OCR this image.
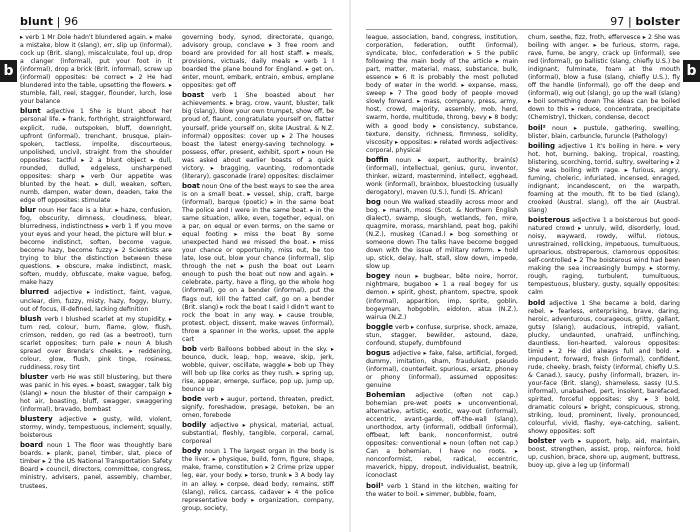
blunt | 96	97 | bolster
b	b

▸ verb 1 Mr Dole hadn't blundered again. ▸ make a mistake, blow it (slang), err, slip up (informal), cock up (Brit. slang), miscalculate, foul up, drop a clanger (informal), put your foot in it (informal), drop a brick (Brit. informal), screw up (informal) opposites: be correct ▸ 2 He had blundered into the table, upsetting the flowers. ▸ stumble, fall, reel, stagger, flounder, lurch, lose your balance

blunt adjective 1 She is blunt about her personal life. ▸ frank, forthright, straightforward, explicit, rude, outspoken, bluff, downright, upfront (informal), trenchant, brusque, plain-spoken, tactless, impolite, discourteous, unpolished, uncivil, straight from the shoulder opposites: tactful ▸ 2 a blunt object ▸ dull, rounded, dulled, edgeless, unsharpened opposites: sharp ▸ verb Our appetite was blunted by the heat. ▸ dull, weaken, soften, numb, dampen, water down, deaden, take the edge off opposites: stimulate

blur noun Her face is a blur. ▸ haze, confusion, fog, obscurity, dimness, cloudiness, blear, blurredness, indistinctness ▸ verb 1 If you move your eyes and your head, the picture will blur. ▸ become indistinct, soften, become vague, become hazy, become fuzzy ▸ 2 Scientists are trying to blur the distinction between these questions. ▸ obscure, make indistinct, mask, soften, muddy, obfuscate, make vague, befog, make hazy

blurred adjective ▸ indistinct, faint, vague, unclear, dim, fuzzy, misty, hazy, foggy, blurry, out of focus, ill-defined, lacking definition

blush verb I blushed scarlet at my stupidity. ▸ turn red, colour, burn, flame, glow, flush, crimson, redden, go red (as a beetroot), turn scarlet opposites: turn pale ▸ noun A blush spread over Brenda's cheeks. ▸ reddening, colour, glow, flush, pink tinge, rosiness, ruddiness, rosy tint

bluster verb He was still blustering, but there was panic in his eyes. ▸ boast, swagger, talk big (slang) ▸ noun the bluster of their campaign ▸ hot air, boasting, bluff, swagger, swaggering (informal), bravado, bombast

blustery adjective ▸ gusty, wild, violent, stormy, windy, tempestuous, inclement, squally, boisterous

board noun 1 The floor was thoughtly bare boards. ▸ plank, panel, timber, slat, piece of timber ▸ 2 the US National Transportation Safety Board ▸ council, directors, committee, congress, ministry, advisers, panel, assembly, chamber, trustees,

governing body, synod, directorate, quango, advisory group, conclave ▸ 3 free room and board are provided for all host staff. ▸ meals, provisions, victuals, daily meals ▸ verb 1 I boarded the plane bound for England. ▸ get on, enter, mount, embark, entrain, embus, emplane opposites: get off

boast verb 1 She boasted about her achievements. ▸ brag, crow, vaunt, bluster, talk big (slang), blow your own trumpet, show off, be proud of, flaunt, congratulate yourself on, flatter yourself, pride yourself on, skite (Austral. & N.Z. informal) opposites: cover up ▸ 2 The houses boast the latest energy-saving technology. ▸ possess, offer, present, exhibit, sport ▸ noun He was asked about earlier boasts of a quick victory. ▸ bragging, vaunting, rodomontade (literary), gasconade (rare) opposites: disclaimer

boat noun One of the best ways to see the area is on a small boat. ▸ vessel, ship, craft, barge (informal), barque (poetic) ▸ in the same boat The police and I were in the same boat. ▸ in the same situation, alike, even, together, equal, on a par, on equal or even terms, on the same or equal footing ▸ miss the boat By some unexpected hand we missed the boat. ▸ miss your chance or opportunity, miss out, be too late, lose out, blow your chance (informal), slip through the net ▸ push the boat out Learn enough to push the boat out now and again. ▸ celebrate, party, have a fling, go the whole hog (informal), go on a bender (informal), put the flags out, kill the fatted calf, go on a bender (Brit. slang) ▸ rock the boat I said I didn't want to rock the boat in any way. ▸ cause trouble, protest, object, dissent, make waves (informal), throw a spanner in the works, upset the apple cart

bob verb Balloons bobbed about in the sky. ▸ bounce, duck, leap, hop, weave, skip, jerk, wobble, quiver, oscillate, waggle ▸ bob up They will bob up like corks as they rush. ▸ spring up, rise, appear, emerge, surface, pop up, jump up, bounce up

bode verb ▸ augur, portend, threaten, predict, signify, foreshadow, presage, betoken, be an omen, forebode

bodily adjective ▸ physical, material, actual, substantial, fleshly, tangible, corporal, carnal, corporeal

body noun 1 The largest organ in the body is the liver. ▸ physique, build, form, figure, shape, make, frame, constitution ▸ 2 Crime prize upper leg, ear, your body. ▸ torso, trunk ▸ 3 A body lay in an alley. ▸ corpse, dead body, remains, stiff (slang), relics, carcass, cadaver ▸ 4 the police representative body ▸ organization, company, group, society,

league, association, band, congress, institution, corporation, federation, outfit (informal), syndicate, bloc, confederation ▸ 5 the public following the main body of the article ▸ main part, matter, material, mass, substance, bulk, essence ▸ 6 It is probably the most polluted body of water in the world. ▸ expanse, mass, sweep ▸ 7 The good body of people moved slowly forward. ▸ mass, company, press, army, host, crowd, majority, assembly, mob, herd, swarm, horde, multitude, throng, bevy ▸ 8 body; with a good body ▸ consistency, substance, texture, density, richness, firmness, solidity, viscosity ▸ opposites: ▸ related words adjectives: corporal, physical

boffin noun ▸ expert, authority, brain(s) (informal), intellectual, genius, guru, inventor, thinker, wizard, mastermind, intellect, egghead, wonk (informal), brainbox, bluestocking (usually derogatory), maven (U.S.), fundi (S. African)

bog noun We walked steadily across moor and bog. ▸ marsh, moss (Scot. & Northern English dialect), swamp, slough, wetlands, fen, mire, quagmire, morass, marshland, peat bog, pakihi (N.Z.), muskeg (Canad.) ▸ bog something or someone down The talks have become bogged down with the issue of military reform. ▸ hold up, stick, delay, halt, stall, slow down, impede, slow up

bogey noun ▸ bugbear, bête noire, horror, nightmare, bugaboo ▸ 1 a real bogey for us demon. ▸ spirit, ghost, phantom, spectre, spook (informal), apparition, imp, sprite, goblin, bogeyman, hobgoblin, eidolon, atua (N.Z.), wairua (N.Z.)

boggle verb ▸ confuse, surprise, shock, amaze, stun, stagger, bewilder, astound, daze, confound, stupefy, dumbfound

bogus adjective ▸ fake, false, artificial, forged, dummy, imitation, sham, fraudulent, pseudo (informal), counterfeit, spurious, ersatz, phoney or phony (informal), assumed opposites: genuine

Bohemian adjective (often not cap.) bohemian pre-wet poets ▸ unconventional, alternative, artistic, exotic, way-out (informal), eccentric, avant-garde, off-the-wall (slang), unorthodox, arty (informal), oddball (informal), offbeat, left bank, nonconformist, outré opposites: conventional ▸ noun (often not cap.) Can a bohemian, I have no roots. ▸ nonconformist, rebel, radical, eccentric, maverick, hippy, dropout, individualist, beatnik, iconoclast

boil¹ verb 1 Stand in the kitchen, waiting for the water to boil. ▸ simmer, bubble, foam,

churn, seethe, fizz, froth, effervesce ▸ 2 She was boiling with anger. ▸ be furious, storm, rage, rave, fume, be angry, crack up (informal), see red (informal), go ballistic (slang, chiefly U.S.) be indignant, fulminate, foam at the mouth (informal), blow a fuse (slang, chiefly U.S.), fly off the handle (informal), go off the deep end (informal), wig out (slang), go up the wall (slang) ▸ boil something down The ideas can be boiled down to this ▸ reduce, concentrate, precipitate (Chemistry), thicken, condense, decoct

boil² noun ▸ pustule, gathering, swelling, blister, blain, carbuncle, furuncle (Pathology)

boiling adjective 1 it's boiling in here. ▸ very hot, hot, burning, baking, tropical, roasting, blistering, scorching, torrid, sultry, sweltering ▸ 2 She was boiling with rage. ▸ furious, angry, fuming, choleric, infuriated, incensed, enraged, indignant, incandescent, on the warpath, foaming at the mouth, fit to be tied (slang), crooked (Austral. slang), off the air (Austral. slang)

boisterous adjective 1 a boisterous but good-natured crowd ▸ unruly, wild, disorderly, loud, noisy, wayward, rowdy, wilful, riotous, unrestrained, rollicking, impetuous, tumultuous, uproarious, obstreperous, clamorous opposites: self-controlled ▸ 2 The boisterous wind had been making the sea increasingly bumpy. ▸ stormy, rough, raging, turbulent, tumultuous, tempestuous, blustery, gusty, squally opposites: calm

bold adjective 1 She became a bold, daring rebel. ▸ fearless, enterprising, brave, daring, heroic, adventurous, courageous, gritty, gallant, gutsy (slang), audacious, intrepid, valiant, plucky, undaunted, unafraid, unflinching, dauntless, lion-hearted, valorous opposites: timid ▸ 2 He did always full and bold. ▸ impudent, forward, fresh (informal), confident, rude, cheeky, brash, feisty (informal, chiefly U.S. & Canad.), saucy, pushy (informal), brazen, in-your-face (Brit. slang), shameless, sassy (U.S. informal), unabashed, pert, insolent, barefaced, spirited, forceful opposites: shy ▸ 3 bold, dramatic colours ▸ bright, conspicuous, strong, striking, loud, prominent, lively, pronounced, colourful, vivid, flashy, eye-catching, salient, showy opposites: soft

bolster verb ▸ support, help, aid, maintain, boost, strengthen, assist, prop, reinforce, hold up, cushion, brace, shore up, augment, buttress, buoy up, give a leg up (informal)
